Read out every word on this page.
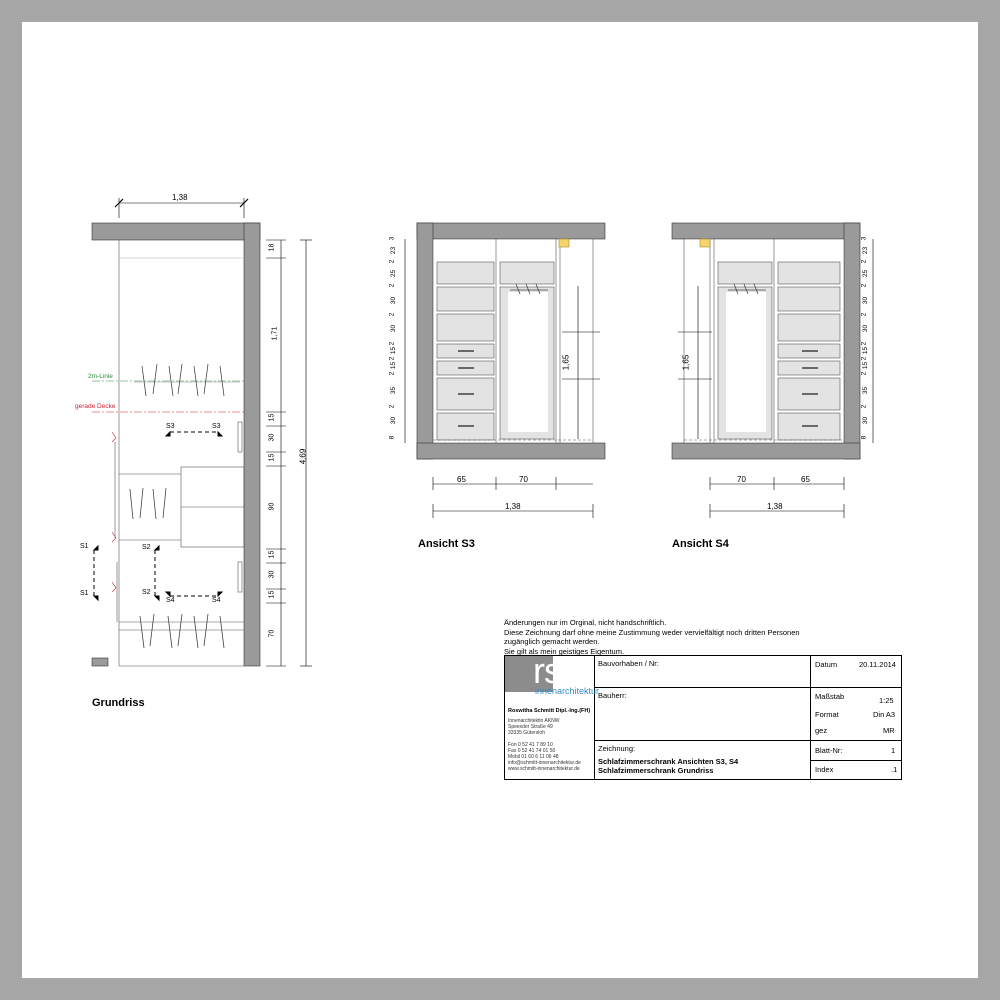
1,38
4,69
18
1,71
15
30
15
90
15
30
15
70
2m-Linie
gerade Decke
S1
S1
S2
S2
S3	S3
S4	S4
65	70
1,38
1,65
3
23
2
25
2
30
2
30
2
15
2
15
2
35
2
30
8
70	65
1,38
1,65
3
23
2
25
2
30
2
30
2
15
2
15
2
35
2
30
8
Grundriss
Ansicht S3	Ansicht S4
Änderungen nur im Orginal, nicht handschriftlich.
Diese Zeichnung darf ohne meine Zustimmung weder vervielfältigt noch dritten Personen
zugänglich gemacht werden.
Sie gilt als mein geistiges Eigentum.
rs
innenarchitektur
Roswitha Schmitt Dipl.-Ing.(FH)
Innenarchitektin AKNW
Speexder Straße 49
33335 Gütersloh

Fon 0 52 41 7 89 10
Fax 0 52 41 74 01 50
Mobil 01 60 6 11 06 48
info@schmitt-innenarchitektur.de
www.schmitt-innenarchitektur.de
Bauvorhaben / Nr:
Bauherr:
Zeichnung:
Schlafzimmerschrank Ansichten S3, S4
Schlafzimmerschrank Grundriss
Datum	20.11.2014
Maßstab	1:25
Format	Din A3
gez	MR
Blatt-Nr:	1
Index	.1
